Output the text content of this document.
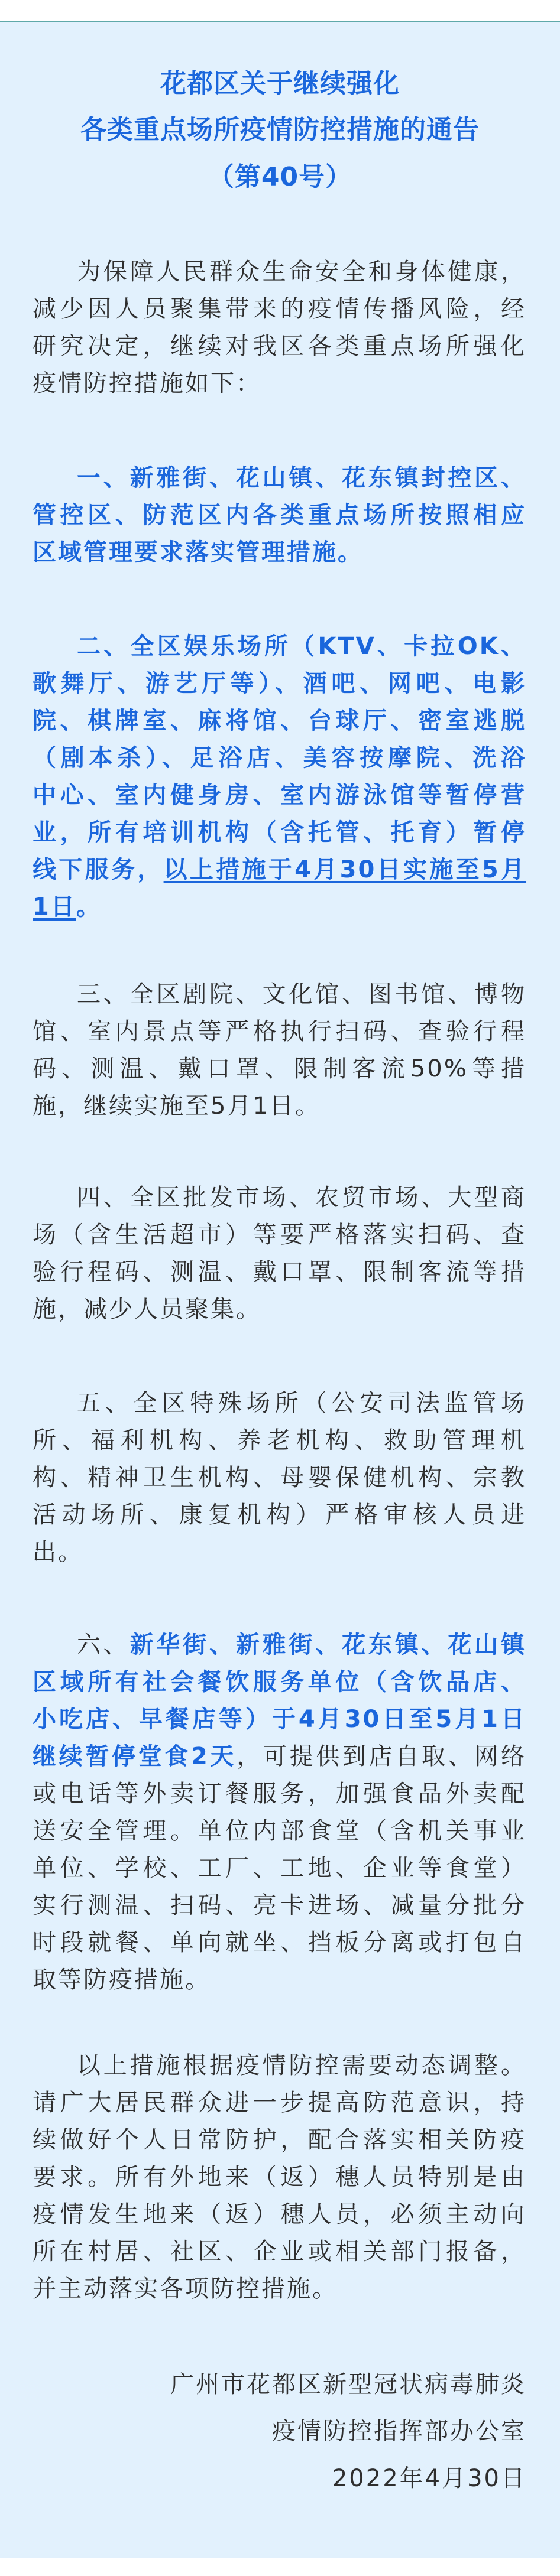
花都区关于继续强化
各类重点场所疫情防控措施的通告
（第40号）
为保障人民群众生命安全和身体健康，
减少因人员聚集带来的疫情传播风险，经
研究决定，继续对我区各类重点场所强化
疫情防控措施如下：
一、新雅街、花山镇、花东镇封控区、
管控区、防范区内各类重点场所按照相应
区域管理要求落实管理措施。
二、全区娱乐场所（KTV、卡拉OK、
歌舞厅、游艺厅等）、酒吧、网吧、电影
院、棋牌室、麻将馆、台球厅、密室逃脱
（剧本杀）、足浴店、美容按摩院、洗浴
中心、室内健身房、室内游泳馆等暂停营
业，所有培训机构（含托管、托育）暂停
线下服务，以上措施于4月30日实施至5月
1日。
三、全区剧院、文化馆、图书馆、博物
馆、室内景点等严格执行扫码、查验行程
码、测温、戴口罩、限制客流50%等措
施，继续实施至5月1日。
四、全区批发市场、农贸市场、大型商
场（含生活超市）等要严格落实扫码、查
验行程码、测温、戴口罩、限制客流等措
施，减少人员聚集。
五、全区特殊场所（公安司法监管场
所、福利机构、养老机构、救助管理机
构、精神卫生机构、母婴保健机构、宗教
活动场所、康复机构）严格审核人员进
出。
六、新华街、新雅街、花东镇、花山镇
区域所有社会餐饮服务单位（含饮品店、
小吃店、早餐店等）于4月30日至5月1日
继续暂停堂食2天，可提供到店自取、网络
或电话等外卖订餐服务，加强食品外卖配
送安全管理。单位内部食堂（含机关事业
单位、学校、工厂、工地、企业等食堂）
实行测温、扫码、亮卡进场、减量分批分
时段就餐、单向就坐、挡板分离或打包自
取等防疫措施。
以上措施根据疫情防控需要动态调整。
请广大居民群众进一步提高防范意识，持
续做好个人日常防护，配合落实相关防疫
要求。所有外地来（返）穗人员特别是由
疫情发生地来（返）穗人员，必须主动向
所在村居、社区、企业或相关部门报备，
并主动落实各项防控措施。
广州市花都区新型冠状病毒肺炎
疫情防控指挥部办公室
2022年4月30日
